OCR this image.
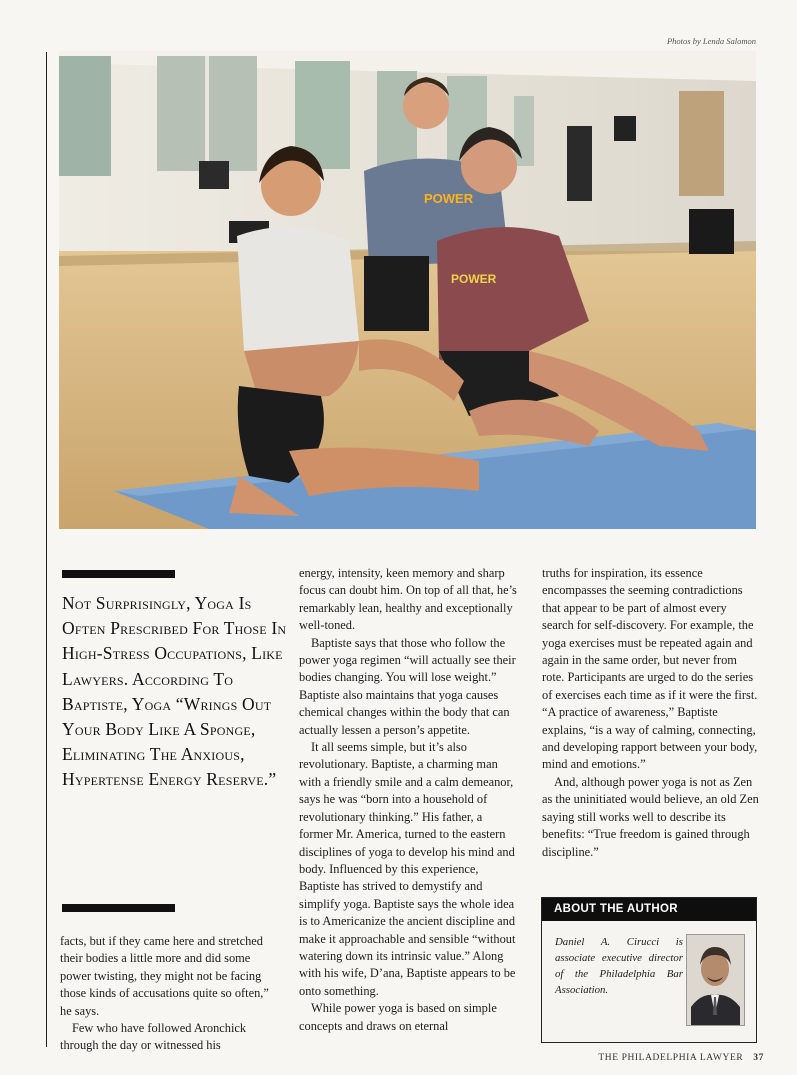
Photos by Lenda Salomon
POWER
POWER
Not Surprisingly, Yoga Is Often Prescribed For Those In High-Stress Occupations, Like Lawyers. According To Baptiste, Yoga “Wrings Out Your Body Like A Sponge, Eliminating The Anxious, Hypertense Energy Reserve.”

facts, but if they came here and stretched their bodies a little more and did some power twisting, they might not be facing those kinds of accusations quite so often,” he says.

Few who have followed Aronchick through the day or witnessed his

energy, intensity, keen memory and sharp focus can doubt him. On top of all that, he’s remarkably lean, healthy and exceptionally well-toned.

Baptiste says that those who follow the power yoga regimen “will actually see their bodies changing. You will lose weight.” Baptiste also maintains that yoga causes chemical changes within the body that can actually lessen a person’s appetite.

It all seems simple, but it’s also revolutionary. Baptiste, a charming man with a friendly smile and a calm demeanor, says he was “born into a household of revolutionary thinking.” His father, a former Mr. America, turned to the eastern disciplines of yoga to develop his mind and body. Influenced by this experience, Baptiste has strived to demystify and simplify yoga. Baptiste says the whole idea is to Americanize the ancient discipline and make it approachable and sensible “without watering down its intrinsic value.” Along with his wife, D’ana, Baptiste appears to be onto something.

While power yoga is based on simple concepts and draws on eternal

truths for inspiration, its essence encompasses the seeming contradictions that appear to be part of almost every search for self-discovery. For example, the yoga exercises must be repeated again and again in the same order, but never from rote. Participants are urged to do the series of exercises each time as if it were the first. “A practice of awareness,” Baptiste explains, “is a way of calming, connecting, and developing rapport between your body, mind and emotions.”

And, although power yoga is not as Zen as the uninitiated would believe, an old Zen saying still works well to describe its benefits: “True freedom is gained through discipline.”

ABOUT THE AUTHOR
Daniel A. Cirucci is associate executive director of the Philadelphia Bar Association.
THE PHILADELPHIA LAWYER 37
